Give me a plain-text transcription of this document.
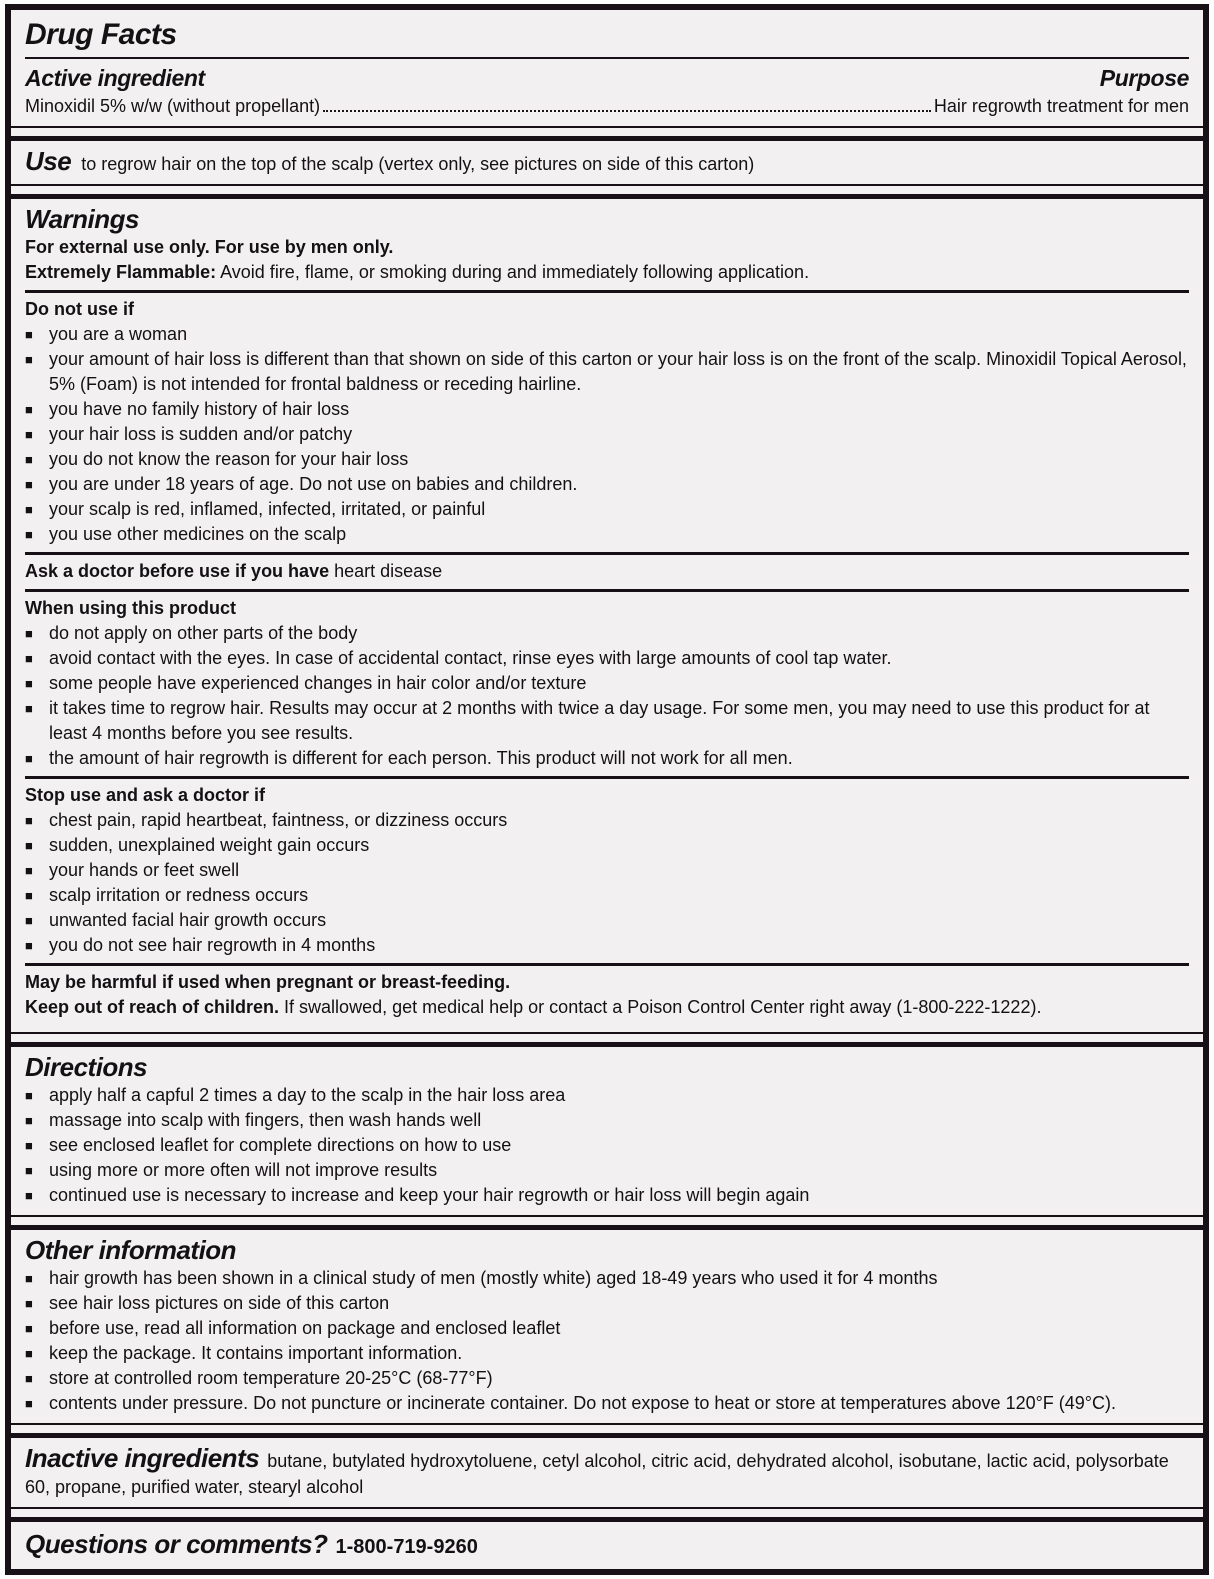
Drug Facts
Active ingredient	Purpose
Minoxidil 5% w/w (without propellant)	Hair regrowth treatment for men
Use to regrow hair on the top of the scalp (vertex only, see pictures on side of this carton)
Warnings

For external use only. For use by men only.

Extremely Flammable: Avoid fire, flame, or smoking during and immediately following application.

Do not use if
■ you are a woman
■ your amount of hair loss is different than that shown on side of this carton or your hair loss is on the front of the scalp. Minoxidil Topical Aerosol, 5% (Foam) is not intended for frontal baldness or receding hairline.
■ you have no family history of hair loss
■ your hair loss is sudden and/or patchy
■ you do not know the reason for your hair loss
■ you are under 18 years of age. Do not use on babies and children.
■ your scalp is red, inflamed, infected, irritated, or painful
■ you use other medicines on the scalp

Ask a doctor before use if you have heart disease

When using this product
■ do not apply on other parts of the body
■ avoid contact with the eyes. In case of accidental contact, rinse eyes with large amounts of cool tap water.
■ some people have experienced changes in hair color and/or texture
■ it takes time to regrow hair. Results may occur at 2 months with twice a day usage. For some men, you may need to use this product for at least 4 months before you see results.
■ the amount of hair regrowth is different for each person. This product will not work for all men.
Stop use and ask a doctor if
■ chest pain, rapid heartbeat, faintness, or dizziness occurs
■ sudden, unexplained weight gain occurs
■ your hands or feet swell
■ scalp irritation or redness occurs
■ unwanted facial hair growth occurs
■ you do not see hair regrowth in 4 months

May be harmful if used when pregnant or breast-feeding.

Keep out of reach of children. If swallowed, get medical help or contact a Poison Control Center right away (1-800-222-1222).

Directions
■ apply half a capful 2 times a day to the scalp in the hair loss area
■ massage into scalp with fingers, then wash hands well
■ see enclosed leaflet for complete directions on how to use
■ using more or more often will not improve results
■ continued use is necessary to increase and keep your hair regrowth or hair loss will begin again
Other information
■ hair growth has been shown in a clinical study of men (mostly white) aged 18-49 years who used it for 4 months
■ see hair loss pictures on side of this carton
■ before use, read all information on package and enclosed leaflet
■ keep the package. It contains important information.
■ store at controlled room temperature 20-25°C (68-77°F)
■ contents under pressure. Do not puncture or incinerate container. Do not expose to heat or store at temperatures above 120°F (49°C).

Inactive ingredients butane, butylated hydroxytoluene, cetyl alcohol, citric acid, dehydrated alcohol, isobutane, lactic acid, polysorbate 60, propane, purified water, stearyl alcohol

Questions or comments? 1-800-719-9260
